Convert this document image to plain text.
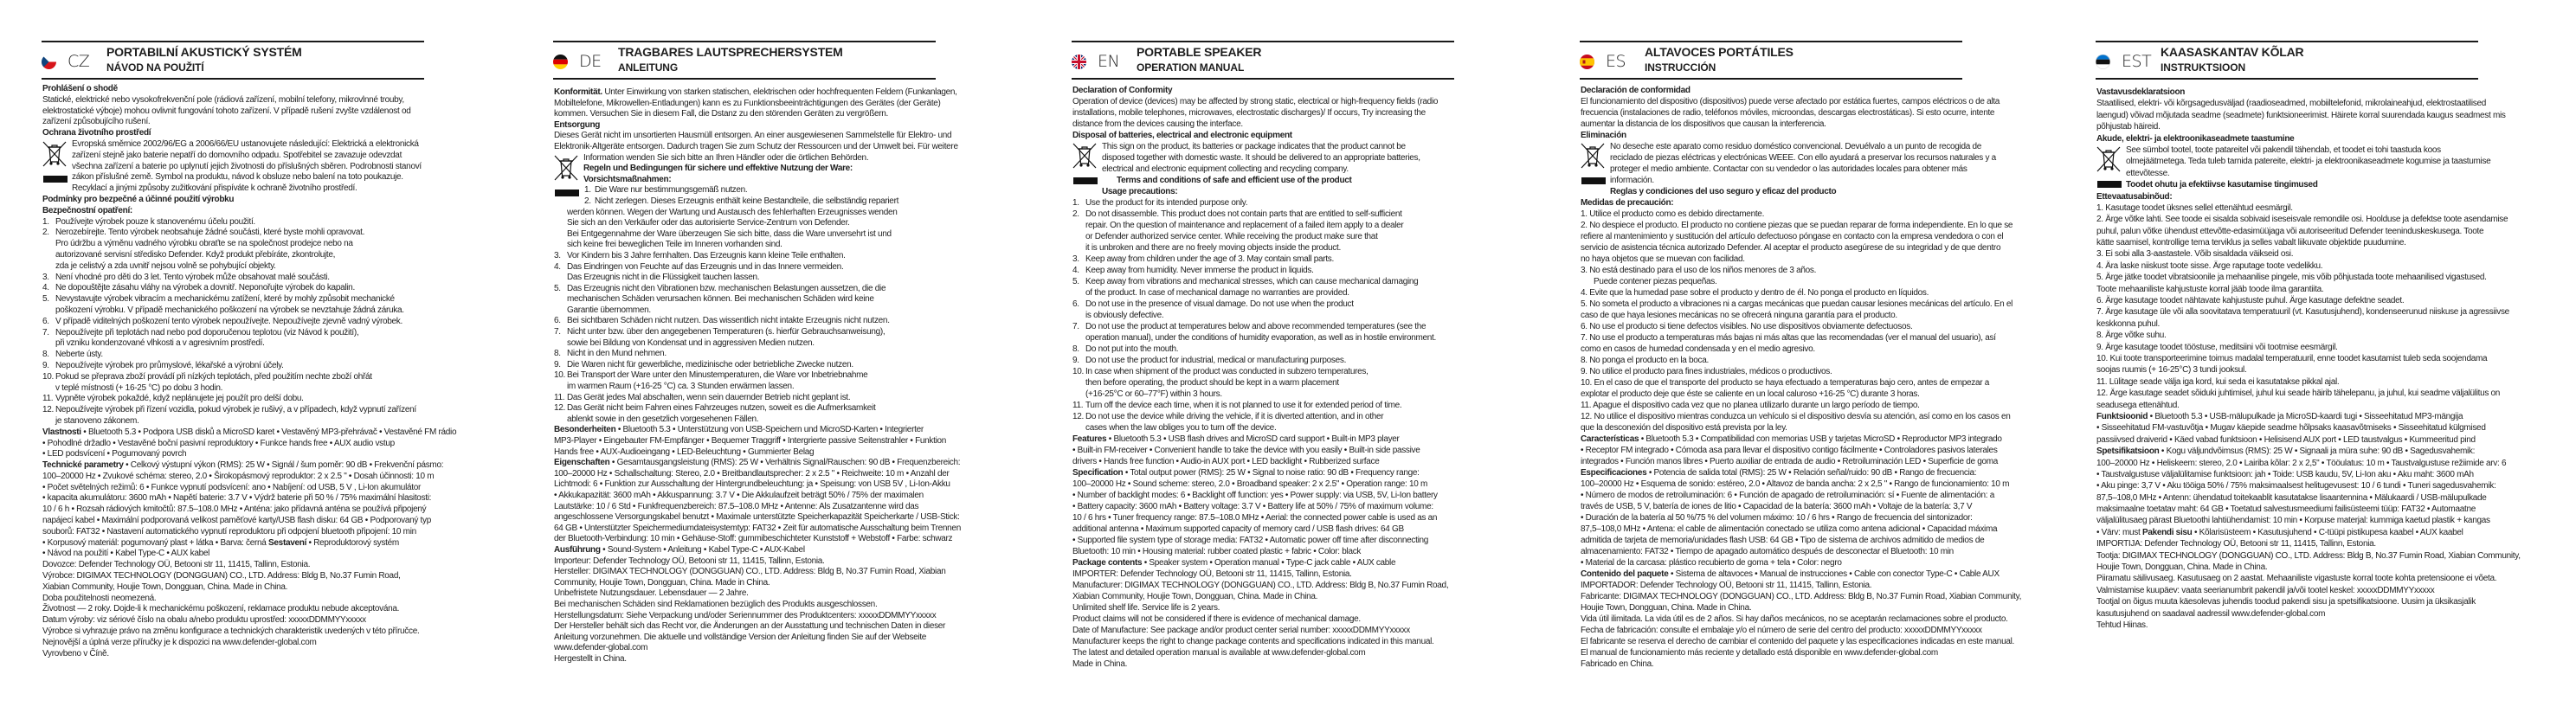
CZ PORTABILNÍ AKUSTICKÝ SYSTÉM
NÁVOD NA POUŽITÍ
Prohlášení o shodě
Statické, elektrické nebo vysokofrekvenční pole (rádiová zařízení, mobilní telefony, mikrovlnné trouby,
elektrostatické výboje) mohou ovlivnit fungování tohoto zařízení. V případě rušení zvyšte vzdálenost od
zařízení způsobujícího rušení.
Ochrana životního prostředí
Evropská směrnice 2002/96/EG a 2006/66/EU ustanovujete následující: Elektrická a elektronická
zařízení stejně jako baterie nepatří do domovního odpadu. Spotřebitel se zavazuje odevzdat
všechna zařízení a baterie po uplynutí jejich životnosti do příslušných sběren. Podrobnosti stanoví
zákon příslušné země. Symbol na produktu, návod k obsluze nebo balení na toto poukazuje.
Recyklací a jinými způsoby zužitkování přispíváte k ochraně životního prostředí.
Podmínky pro bezpečné a účinné použití výrobku
Bezpečnostní opatření:
1. Používejte výrobek pouze k stanovenému účelu použití.
2. Nerozebírejte. Tento výrobek neobsahuje žádné součásti, které byste mohli opravovat.
Pro údržbu a výměnu vadného výrobku obraťte se na společnost prodejce nebo na
autorizované servisní středisko Defender. Když produkt přebíráte, zkontrolujte,
zda je celistvý a zda uvnitř nejsou volně se pohybující objekty.
3. Není vhodné pro děti do 3 let. Tento výrobek může obsahovat malé součásti.
4. Ne dopouštějte zásahu vláhy na výrobek a dovnitř. Neponořujte výrobek do kapalin.
5. Nevystavujte výrobek vibracím a mechanickému zatížení, které by mohly způsobit mechanické
poškození výrobku. V případě mechanického poškození na výrobek se nevztahuje žádná záruka.
6. V případě viditelných poškození tento výrobek nepoužívejte. Nepoužívejte zjevně vadný výrobek.
7. Nepoužívejte při teplotách nad nebo pod doporučenou teplotou (viz Návod k použití),
při vzniku kondenzované vlhkosti a v agresivním prostředí.
8. Neberte ústy.
9. Nepoužívejte výrobek pro průmyslové, lékařské a výrobní účely.
10. Pokud se přeprava zboží provádí při nízkých teplotách, před použitím nechte zboží ohřát
v teplé místnosti (+ 16-25 °C) po dobu 3 hodin.
11. Vypněte výrobek pokaždé, když neplánujete jej použít pro delší dobu.
12. Nepoužívejte výrobek při řízení vozidla, pokud výrobek je rušivý, a v případech, když vypnutí zařízení
je stanoveno zákonem.
Vlastnosti • Bluetooth 5.3 • Podpora USB disků a MicroSD karet • Vestavěný MP3-přehrávač • Vestavěné FM rádio
• Pohodlné držadlo • Vestavěné boční pasivní reproduktory • Funkce hands free • AUX audio vstup
• LED podsvícení • Pogumovaný povrch
Technické parametry • Celkový výstupní výkon (RMS): 25 W • Signál / šum poměr: 90 dB • Frekvenční pásmo:
100–20000 Hz • Zvukové schéma: stereo, 2.0 • Širokopásmový reproduktor: 2 x 2.5 " • Dosah účinnosti: 10 m
• Počet světelných režimů: 6 • Funkce vypnutí podsvícení: ano • Nabíjení: od USB, 5 V , Li-Ion akumulátor
• kapacita akumulátoru: 3600 mAh • Napětí baterie: 3.7 V • Výdrž baterie při 50 % / 75% maximální hlasitosti:
10 / 6 h • Rozsah rádiových kmitočtů: 87.5–108.0 MHz • Anténa: jako přídavná anténa se používá připojený
napájecí kabel • Maximální podporovaná velikost paměťové karty/USB flash disku: 64 GB • Podporovaný typ
souborů: FAT32 • Nastavení automatického vypnutí reproduktoru při odpojení bluetooth připojení: 10 min
• Korpusový materiál: pogumovaný plast + látka • Barva: černá Sestavení • Reproduktorový systém
• Návod na použití • Kabel Type-C • AUX kabel
Dovozce: Defender Technology OÜ, Betooni str 11, 11415, Tallinn, Estonia.
Výrobce: DIGIMAX TECHNOLOGY (DONGGUAN) CO., LTD. Address: Bldg B, No.37 Fumin Road,
Xiabian Community, Houjie Town, Dongguan, China. Made in China.
Doba použitelnosti neomezená.
Životnost — 2 roky. Dojde-li k mechanickému poškození, reklamace produktu nebude akceptována.
Datum výroby: viz sériové číslo na obalu a/nebo produktu uprostřed: xxxxxDDMMYYxxxxx
Výrobce si vyhrazuje právo na změnu konfigurace a technických charakteristik uvedených v této příručce.
Nejnovější a úplná verze příručky je k dispozici na www.defender-global.com
Vyrovbeno v Číně.
DE TRAGBARES LAUTSPRECHERSYSTEM
ANLEITUNG
Konformität. Unter Einwirkung von starken statischen, elektrischen oder hochfrequenten Feldern (Funkanlagen,
Mobiltelefone, Mikrowellen-Entladungen) kann es zu Funktionsbeeinträchtigungen des Gerätes (der Geräte)
kommen. Versuchen Sie in diesem Fall, die Dstanz zu den störenden Geräten zu vergrößern.
Entsorgung
Dieses Gerät nicht im unsortierten Hausmüll entsorgen. An einer ausgewiesenen Sammelstelle für Elektro- und
Elektronik-Altgeräte entsorgen. Dadurch tragen Sie zum Schutz der Ressourcen und der Umwelt bei. Für weitere
Information wenden Sie sich bitte an Ihren Händler oder die örtlichen Behörden.
Regeln und Bedingungen für sichere und effektive Nutzung der Ware:
Vorsichtsmaßnahmen:
1. Die Ware nur bestimmungsgemäß nutzen.
2. Nicht zerlegen. Dieses Erzeugnis enthält keine Bestandteile, die selbständig repariert
werden können. Wegen der Wartung und Austausch des fehlerhaften Erzeugnisses wenden
Sie sich an den Verkäufer oder das autorisierte Service-Zentrum von Defender.
Bei Entgegennahme der Ware überzeugen Sie sich bitte, dass die Ware unversehrt ist und
sich keine frei beweglichen Teile im Inneren vorhanden sind.
3. Vor Kindern bis 3 Jahre fernhalten. Das Erzeugnis kann kleine Teile enthalten.
4. Das Eindringen von Feuchte auf das Erzeugnis und in das Innere vermeiden.
Das Erzeugnis nicht in die Flüssigkeit tauchen lassen.
5. Das Erzeugnis nicht den Vibrationen bzw. mechanischen Belastungen aussetzen, die die
mechanischen Schäden verursachen können. Bei mechanischen Schäden wird keine
Garantie übernommen.
6. Bei sichtbaren Schäden nicht nutzen. Das wissentlich nicht intakte Erzeugnis nicht nutzen.
7. Nicht unter bzw. über den angegebenen Temperaturen (s. hierfür Gebrauchsanweisung),
sowie bei Bildung von Kondensat und in aggressiven Medien nutzen.
8. Nicht in den Mund nehmen.
9. Die Waren nicht für gewerbliche, medizinische oder betriebliche Zwecke nutzen.
10. Bei Transport der Ware unter den Minustemperaturen, die Ware vor Inbetriebnahme
im warmen Raum (+16-25 °C) ca. 3 Stunden erwärmen lassen.
11. Das Gerät jedes Mal abschalten, wenn sein dauernder Betrieb nicht geplant ist.
12. Das Gerät nicht beim Fahren eines Fahrzeuges nutzen, soweit es die Aufmerksamkeit
ablenkt sowie in den gesetzlich vorgesehenen Fällen.
Besonderheiten • Bluetooth 5.3 • Unterstützung von USB-Speichern und MicroSD-Karten • Integrierter
MP3-Player • Eingebauter FM-Empfänger • Bequemer Traggriff • Intergrierte passive Seitenstrahler • Funktion
Hands free • AUX-Audioeingang • LED-Beleuchtung • Gummierter Belag
Eigenschaften • Gesamtausgangsleistung (RMS): 25 W • Verhältnis Signal/Rauschen: 90 dB • Frequenzbereich:
100–20000 Hz • Schallschaltung: Stereo, 2.0 • Breitbandlautsprecher: 2 x 2.5 " • Reichweite: 10 m • Anzahl der
Lichtmodi: 6 • Funktion zur Ausschaltung der Hintergrundbeleuchtung: ja • Speisung: von USB 5V , Li-Ion-Akku
• Akkukapazität: 3600 mAh • Akkuspannung: 3.7 V • Die Akkulaufzeit beträgt 50% / 75% der maximalen
Lautstärke: 10 / 6 Std • Funkfrequenzbereich: 87.5–108.0 MHz • Antenne: Als Zusatzantenne wird das
angeschlossene Versorgungskabel benutzt • Maximale unterstützte Speicherkapazität Speicherkarte / USB-Stick:
64 GB • Unterstützter Speichermediumdateisystemtyp: FAT32 • Zeit für automatische Ausschaltung beim Trennen
der Bluetooth-Verbindung: 10 min • Gehäuse-Stoff: gummibeschichteter Kunststoff + Webstoff • Farbe: schwarz
Ausführung • Sound-System • Anleitung • Kabel Type-C • AUX-Kabel
Importeur: Defender Technology OÜ, Betooni str 11, 11415, Tallinn, Estonia.
Hersteller: DIGIMAX TECHNOLOGY (DONGGUAN) CO., LTD. Address: Bldg B, No.37 Fumin Road, Xiabian
Community, Houjie Town, Dongguan, China. Made in China.
Unbefristete Nutzungsdauer. Lebensdauer — 2 Jahre.
Bei mechanischen Schäden sind Reklamationen bezüglich des Produkts ausgeschlossen.
Herstellungsdatum: Siehe Verpackung und/oder Seriennummer des Produktcenters: xxxxxDDMMYYxxxxx
Der Hersteller behält sich das Recht vor, die Änderungen an der Ausstattung und technischen Daten in dieser
Anleitung vorzunehmen. Die aktuelle und vollständige Version der Anleitung finden Sie auf der Webseite
www.defender-global.com
Hergestellt in China.
EN PORTABLE SPEAKER
OPERATION MANUAL
Declaration of Conformity
Operation of device (devices) may be affected by strong static, electrical or high-frequency fields (radio
installations, mobile telephones, microwaves, electrostatic discharges)/ If occurs, Try increasing the
distance from the devices causing the interface.
Disposal of batteries, electrical and electronic equipment
This sign on the product, its batteries or package indicates that the product cannot be
disposed together with domestic waste. It should be delivered to an appropriate batteries,
electrical and electronic equipment collecting and recycling company.
Terms and conditions of safe and efficient use of the product
Usage precautions:
1. Use the product for its intended purpose only.
2. Do not disassemble. This product does not contain parts that are entitled to self-sufficient
repair. On the question of maintenance and replacement of a failed item apply to a dealer
or Defender authorized service center. While receiving the product make sure that
it is unbroken and there are no freely moving objects inside the product.
3. Keep away from children under the age of 3. May contain small parts.
4. Keep away from humidity. Never immerse the product in liquids.
5. Keep away from vibrations and mechanical stresses, which can cause mechanical damaging
of the product. In case of mechanical damage no warranties are provided.
6. Do not use in the presence of visual damage. Do not use when the product
is obviously defective.
7. Do not use the product at temperatures below and above recommended temperatures (see the
operation manual), under the conditions of humidity evaporation, as well as in hostile environment.
8. Do not put into the mouth.
9. Do not use the product for industrial, medical or manufacturing purposes.
10. In case when shipment of the product was conducted in subzero temperatures,
then before operating, the product should be kept in a warm placement
(+16-25°C or 60–77°F) within 3 hours.
11. Turn off the device each time, when it is not planned to use it for extended period of time.
12. Do not use the device while driving the vehicle, if it is diverted attention, and in other
cases when the law obliges you to turn off the device.
Features • Bluetooth 5.3 • USB flash drives and MicroSD card support • Built-in MP3 player
• Built-in FM-receiver • Convenient handle to take the device with you easily • Built-in side passive
drivers • Hands free function • Audio-in AUX port • LED backlight • Rubberized surface
Specification • Total output power (RMS): 25 W • Signal to noise ratio: 90 dB • Frequency range:
100–20000 Hz • Sound scheme: stereo, 2.0 • Broadband speaker: 2 x 2.5" • Operation range: 10 m
• Number of backlight modes: 6 • Backlight off function: yes • Power supply: via USB, 5V, Li-Ion battery
• Battery capacity: 3600 mAh • Battery voltage: 3.7 V • Battery life at 50% / 75% of maximum volume:
10 / 6 hrs • Tuner frequency range: 87.5–108.0 MHz • Aerial: the connected power cable is used as an
additional antenna • Maximum supported capacity of memory card / USB flash drives: 64 GB
• Supported file system type of storage media: FAT32 • Automatic power off time after disconnecting
Bluetooth: 10 min • Housing material: rubber coated plastic + fabric • Color: black
Package contents • Speaker system • Operation manual • Type-C jack cable • AUX cable
IMPORTER: Defender Technology OÜ, Betooni str 11, 11415, Tallinn, Estonia.
Manufacturer: DIGIMAX TECHNOLOGY (DONGGUAN) CO., LTD. Address: Bldg B, No.37 Fumin Road,
Xiabian Community, Houjie Town, Dongguan, China. Made in China.
Unlimited shelf life. Service life is 2 years.
Product claims will not be considered if there is evidence of mechanical damage.
Date of Manufacture: See package and/or product center serial number: xxxxxDDMMYYxxxxx
Manufacturer keeps the right to change package contents and specifications indicated in this manual.
The latest and detailed operation manual is available at www.defender-global.com
Made in China.
ES ALTAVOCES PORTÁTILES
INSTRUCCIÓN
Declaración de conformidad
El funcionamiento del dispositivo (dispositivos) puede verse afectado por estática fuertes, campos eléctricos o de alta
frecuencia (instalaciones de radio, teléfonos móviles, microondas, descargas electrostáticas). Si esto ocurre, intente
aumentar la distancia de los dispositivos que causan la interferencia.
Eliminación
No deseche este aparato como residuo doméstico convencional. Devuélvalo a un punto de recogida de
reciclado de piezas eléctricas y electrónicas WEEE. Con ello ayudará a preservar los recursos naturales y a
proteger el medio ambiente. Contactar con su vendedor o las autoridades locales para obtener más
información.
Reglas y condiciones del uso seguro y eficaz del producto
Medidas de precaución:
1. Utilice el producto como es debido directamente.
2. No despiece el producto. El producto no contiene piezas que se puedan reparar de forma independiente. En lo que se
refiere al mantenimiento y sustitución del artículo defectuoso póngase en contacto con la empresa vendedora o con el
servicio de asistencia técnica autorizado Defender. Al aceptar el producto asegúrese de su integridad y de que dentro
no haya objetos que se muevan con facilidad.
3. No está destinado para el uso de los niños menores de 3 años.
Puede contener piezas pequeñas.
4. Evite que la humedad pase sobre el producto y dentro de él. No ponga el producto en líquidos.
5. No someta el producto a vibraciones ni a cargas mecánicas que puedan causar lesiones mecánicas del artículo. En el
caso de que haya lesiones mecánicas no se ofrecerá ninguna garantía para el producto.
6. No use el producto si tiene defectos visibles. No use dispositivos obviamente defectuosos.
7. No use el producto a temperaturas más bajas ni más altas que las recomendadas (ver el manual del usuario), así
como en casos de humedad condensada y en el medio agresivo.
8. No ponga el producto en la boca.
9. No utilice el producto para fines industriales, médicos o productivos.
10. En el caso de que el transporte del producto se haya efectuado a temperaturas bajo cero, antes de empezar a
explotar el producto deje que éste se caliente en un local caluroso +16-25 °C) durante 3 horas.
11. Apague el dispositivo cada vez que no planea utilizarlo durante un largo período de tiempo.
12. No utilice el dispositivo mientras conduzca un vehículo si el dispositivo desvía su atención, así como en los casos en
que la desconexión del dispositivo está prevista por la ley.
Características • Bluetooth 5.3 • Compatibilidad con memorias USB y tarjetas MicroSD • Reproductor MP3 integrado
• Receptor FM integrado • Cómoda asa para llevar el dispositivo contigo fácilmente • Controladores pasivos laterales
integrados • Función manos libres • Puerto auxiliar de entrada de audio • Retroiluminación LED • Superficie de goma
Especificaciones • Potencia de salida total (RMS): 25 W • Relación señal/ruido: 90 dB • Rango de frecuencia:
100–20000 Hz • Esquema de sonido: estéreo, 2.0 • Altavoz de banda ancha: 2 x 2,5 " • Rango de funcionamiento: 10 m
• Número de modos de retroiluminación: 6 • Función de apagado de retroiluminación: sí • Fuente de alimentación: a
través de USB, 5 V, batería de iones de litio • Capacidad de la batería: 3600 mAh • Voltaje de la batería: 3,7 V
• Duración de la batería al 50 %/75 % del volumen máximo: 10 / 6 hrs • Rango de frecuencia del sintonizador:
87,5–108,0 MHz • Antena: el cable de alimentación conectado se utiliza como antena adicional • Capacidad máxima
admitida de tarjeta de memoria/unidades flash USB: 64 GB • Tipo de sistema de archivos admitido de medios de
almacenamiento: FAT32 • Tiempo de apagado automático después de desconectar el Bluetooth: 10 min
• Material de la carcasa: plástico recubierto de goma + tela • Color: negro
Contenido del paquete • Sistema de altavoces • Manual de instrucciones • Cable con conector Type-C • Cable AUX
IMPORTADOR: Defender Technology OÜ, Betooni str 11, 11415, Tallinn, Estonia.
Fabricante: DIGIMAX TECHNOLOGY (DONGGUAN) CO., LTD. Address: Bldg B, No.37 Fumin Road, Xiabian Community,
Houjie Town, Dongguan, China. Made in China.
Vida útil ilimitada. La vida útil es de 2 años. Si hay daños mecánicos, no se aceptarán reclamaciones sobre el producto.
Fecha de fabricación: consulte el embalaje y/o el número de serie del centro del producto: xxxxxDDMMYYxxxxx
El fabricante se reserva el derecho de cambiar el contenido del paquete y las especificaciones indicadas en este manual.
El manual de funcionamiento más reciente y detallado está disponible en www.defender-global.com
Fabricado en China.
EST KAASASKANTAV KÕLAR
INSTRUKTSIOON
Vastavusdeklaratsioon
Staatilised, elektri- või kõrgsagedusväljad (raadioseadmed, mobiiltelefonid, mikrolaineahjud, elektrostaatilised
laengud) võivad mõjutada seadme (seadmete) funktsioneerimist. Häirete korral suurendada kaugus seadmest mis
põhjustab häireid.
Akude, elektri- ja elektroonikaseadmete taastumine
See sümbol tootel, toote patareitel või pakendil tähendab, et toodet ei tohi taastuda koos
olmejäätmetega. Teda tuleb tarnida patereite, elektri- ja elektroonikaseadmete kogumise ja taastumise
ettevõtesse.
Toodet ohutu ja efektiivse kasutamise tingimused
Ettevaatusabinõud:
1. Kasutage toodet üksnes sellel ettenähtud eesmärgil.
2. Ärge võtke lahti. See toode ei sisalda sobivaid iseseisvale remondile osi. Hoolduse ja defektse toote asendamise
puhul, palun võtke ühendust ettevõtte-edasimüüjaga või autoriseeritud Defender teeninduskeskusega. Toote
kätte saamisel, kontrollige tema terviklus ja selles vabalt liikuvate objektide puudumine.
3. Ei sobi alla 3-aastastele. Võib sisaldada väikseid osi.
4. Ära laske niiskust toote sisse. Ärge raputage toote vedelikku.
5. Ärge jätke toodet vibratsioonile ja mehaanilise pingele, mis võib põhjustada toote mehaanilised vigastused.
Toote mehaaniliste kahjustuste korral jääb toode ilma garantiita.
6. Ärge kasutage toodet nähtavate kahjustuste puhul. Ärge kasutage defektne seadet.
7. Ärge kasutage üle või alla soovitatava temperatuuril (vt. Kasutusjuhend), kondenseerunud niiskuse ja agressiivse
keskkonna puhul.
8. Ärge võtke suhu.
9. Ärge kasutage toodet tööstuse, meditsiini või tootmise eesmärgil.
10. Kui toote transporteerimine toimus madalal temperatuuril, enne toodet kasutamist tuleb seda soojendama
soojas ruumis (+ 16-25°C) 3 tundi jooksul.
11. Lülitage seade välja iga kord, kui seda ei kasutatakse pikkal ajal.
12. Ärge kasutage seadet sõiduki juhtimisel, juhul kui seade häirib tähelepanu, ja juhul, kui seadme väljalülitus on
seadusega ettenähtud.
Funktsioonid • Bluetooth 5.3 • USB-mälupulkade ja MicroSD-kaardi tugi • Sisseehitatud MP3-mängija
• Sisseehitatud FM-vastuvõtja • Mugav käepide seadme hõlpsaks kaasavõtmiseks • Sisseehitatud külgmised
passiivsed draiverid • Käed vabad funktsioon • Helisisend AUX port • LED taustvalgus • Kummeeritud pind
Spetsifikatsioon • Kogu väljundvõimsus (RMS): 25 W • Signaali ja müra suhe: 90 dB • Sagedusvahemik:
100–20000 Hz • Heliskeem: stereo, 2.0 • Lairiba kõlar: 2 x 2,5" • Tööulatus: 10 m • Taustvalgustuse režiimide arv: 6
• Taustvalgustuse väljalülitamise funktsioon: jah • Toide: USB kaudu, 5V, Li-Ion aku • Aku maht: 3600 mAh
• Aku pinge: 3,7 V • Aku tööiga 50% / 75% maksimaalsest helitugevusest: 10 / 6 tundi • Tuneri sagedusvahemik:
87,5–108,0 MHz • Antenn: ühendatud toitekaablit kasutatakse lisaantennina • Mälukaardi / USB-mälupulkade
maksimaalne toetatav maht: 64 GB • Toetatud salvestusmeediumi failisüsteemi tüüp: FAT32 • Automaatne
väljalülitusaeg pärast Bluetoothi lahtiühendamist: 10 min • Korpuse materjal: kummiga kaetud plastik + kangas
• Värv: must Pakendi sisu • Kõlarisüsteem • Kasutusjuhend • C-tüüpi pistikupesa kaabel • AUX kaabel
IMPORTIJA: Defender Technology OÜ, Betooni str 11, 11415, Tallinn, Estonia.
Tootja: DIGIMAX TECHNOLOGY (DONGGUAN) CO., LTD. Address: Bldg B, No.37 Fumin Road, Xiabian Community,
Houjie Town, Dongguan, China. Made in China.
Piiramatu säilivusaeg. Kasutusaeg on 2 aastat. Mehaaniliste vigastuste korral toote kohta pretensioone ei võeta.
Valmistamise kuupäev: vaata seerianumbrit pakendil ja/või tootel keskel: xxxxxDDMMYYxxxxx
Tootjal on õigus muuta käesolevas juhendis toodud pakendi sisu ja spetsifikatsioone. Uusim ja üksikasjalik
kasutusjuhend on saadaval aadressil www.defender-global.com
Tehtud Hiinas.
